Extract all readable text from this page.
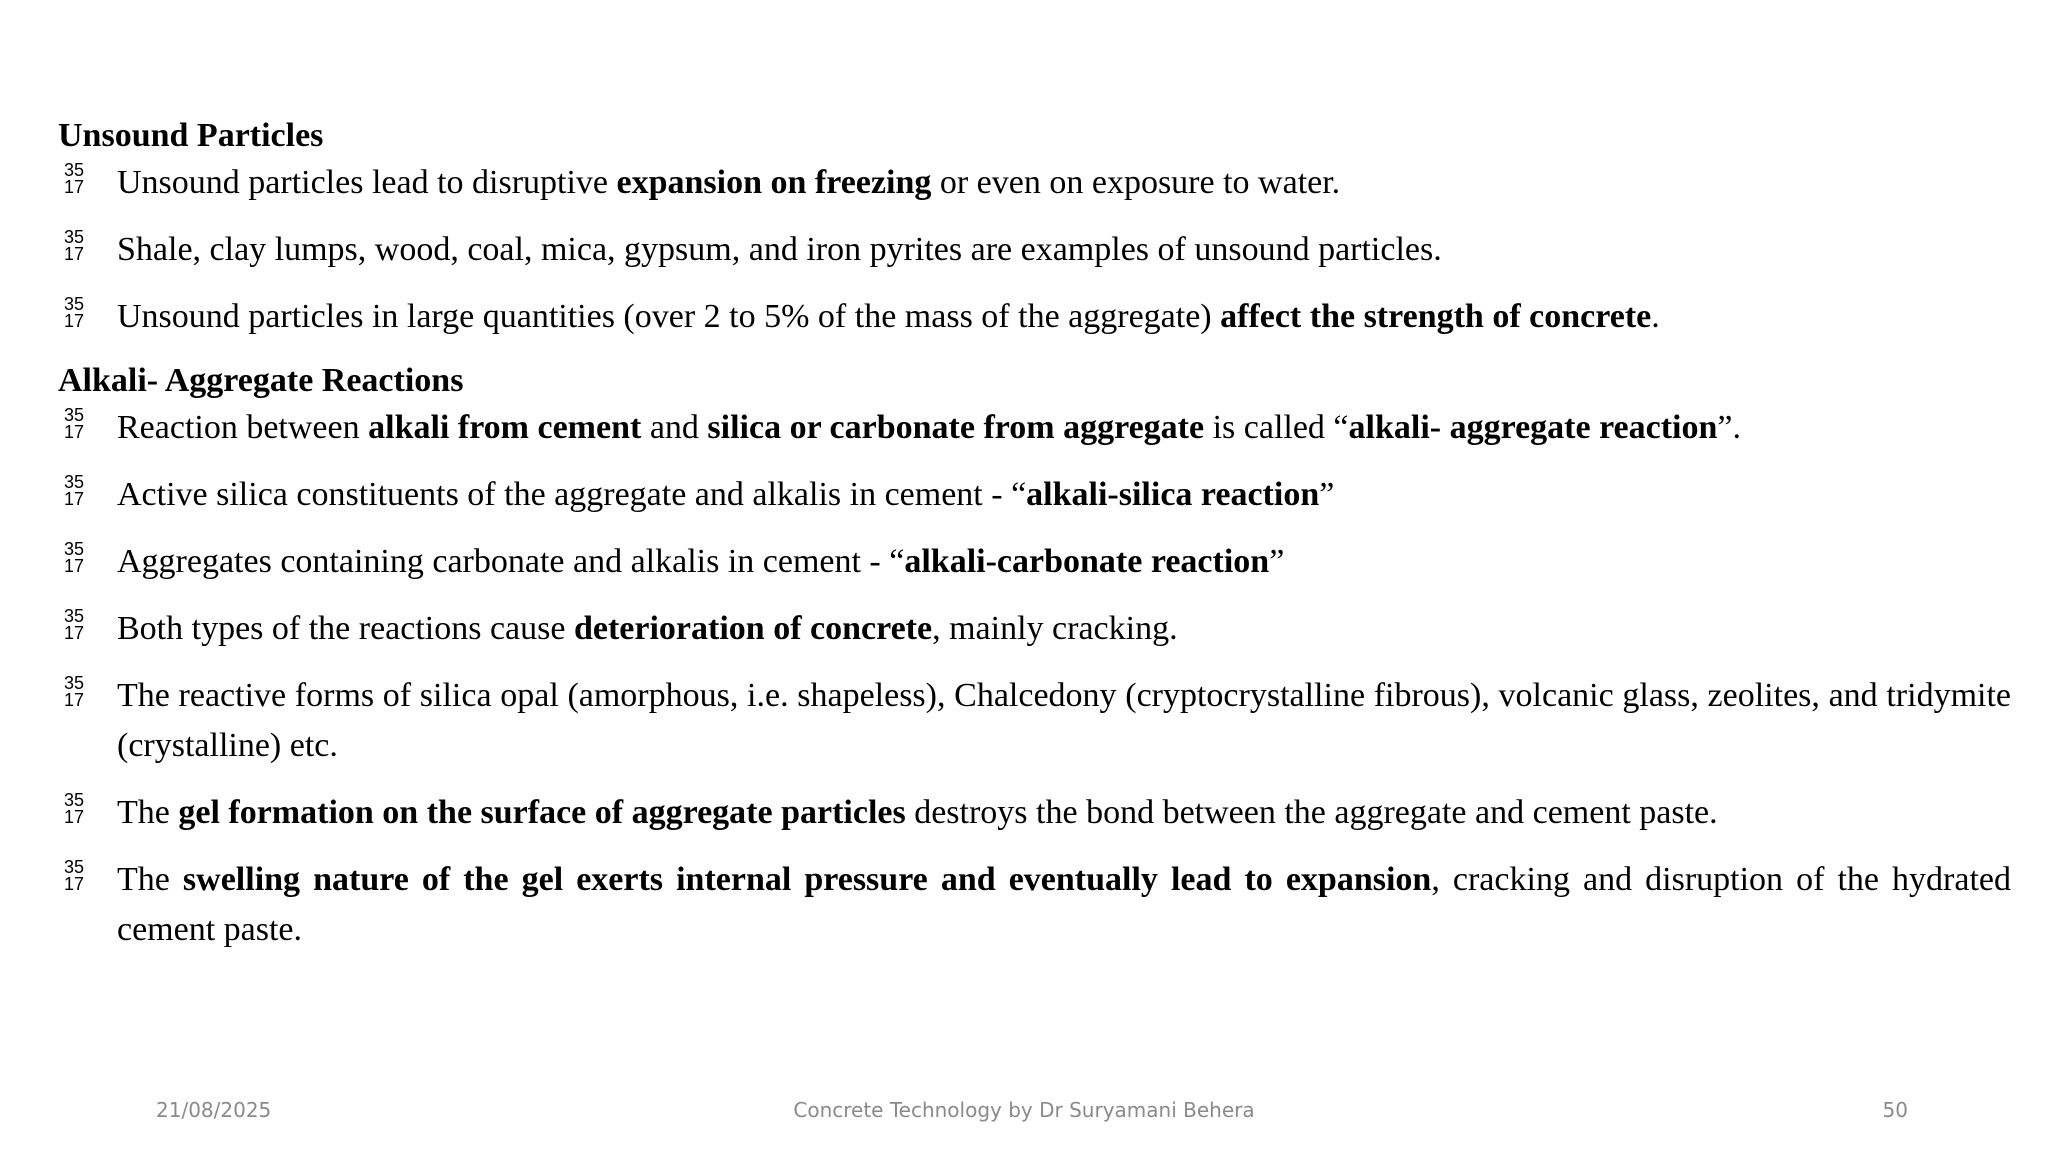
Unsound Particles

35
17 Unsound particles lead to disruptive expansion on freezing or even on exposure to water.

35
17 Shale, clay lumps, wood, coal, mica, gypsum, and iron pyrites are examples of unsound particles.

35
17 Unsound particles in large quantities (over 2 to 5% of the mass of the aggregate) affect the strength of concrete.

Alkali- Aggregate Reactions

35
17 Reaction between alkali from cement and silica or carbonate from aggregate is called “alkali- aggregate reaction”.

35
17 Active silica constituents of the aggregate and alkalis in cement - “alkali-silica reaction”

35
17 Aggregates containing carbonate and alkalis in cement - “alkali-carbonate reaction”

35
17 Both types of the reactions cause deterioration of concrete, mainly cracking.

35
17 The reactive forms of silica opal (amorphous, i.e. shapeless), Chalcedony (cryptocrystalline fibrous), volcanic glass, zeolites, and tridymite (crystalline) etc.

35
17 The gel formation on the surface of aggregate particles destroys the bond between the aggregate and cement paste.

35
17 The swelling nature of the gel exerts internal pressure and eventually lead to expansion, cracking and disruption of the hydrated cement paste.

21/08/2025	Concrete Technology by Dr Suryamani Behera	50
